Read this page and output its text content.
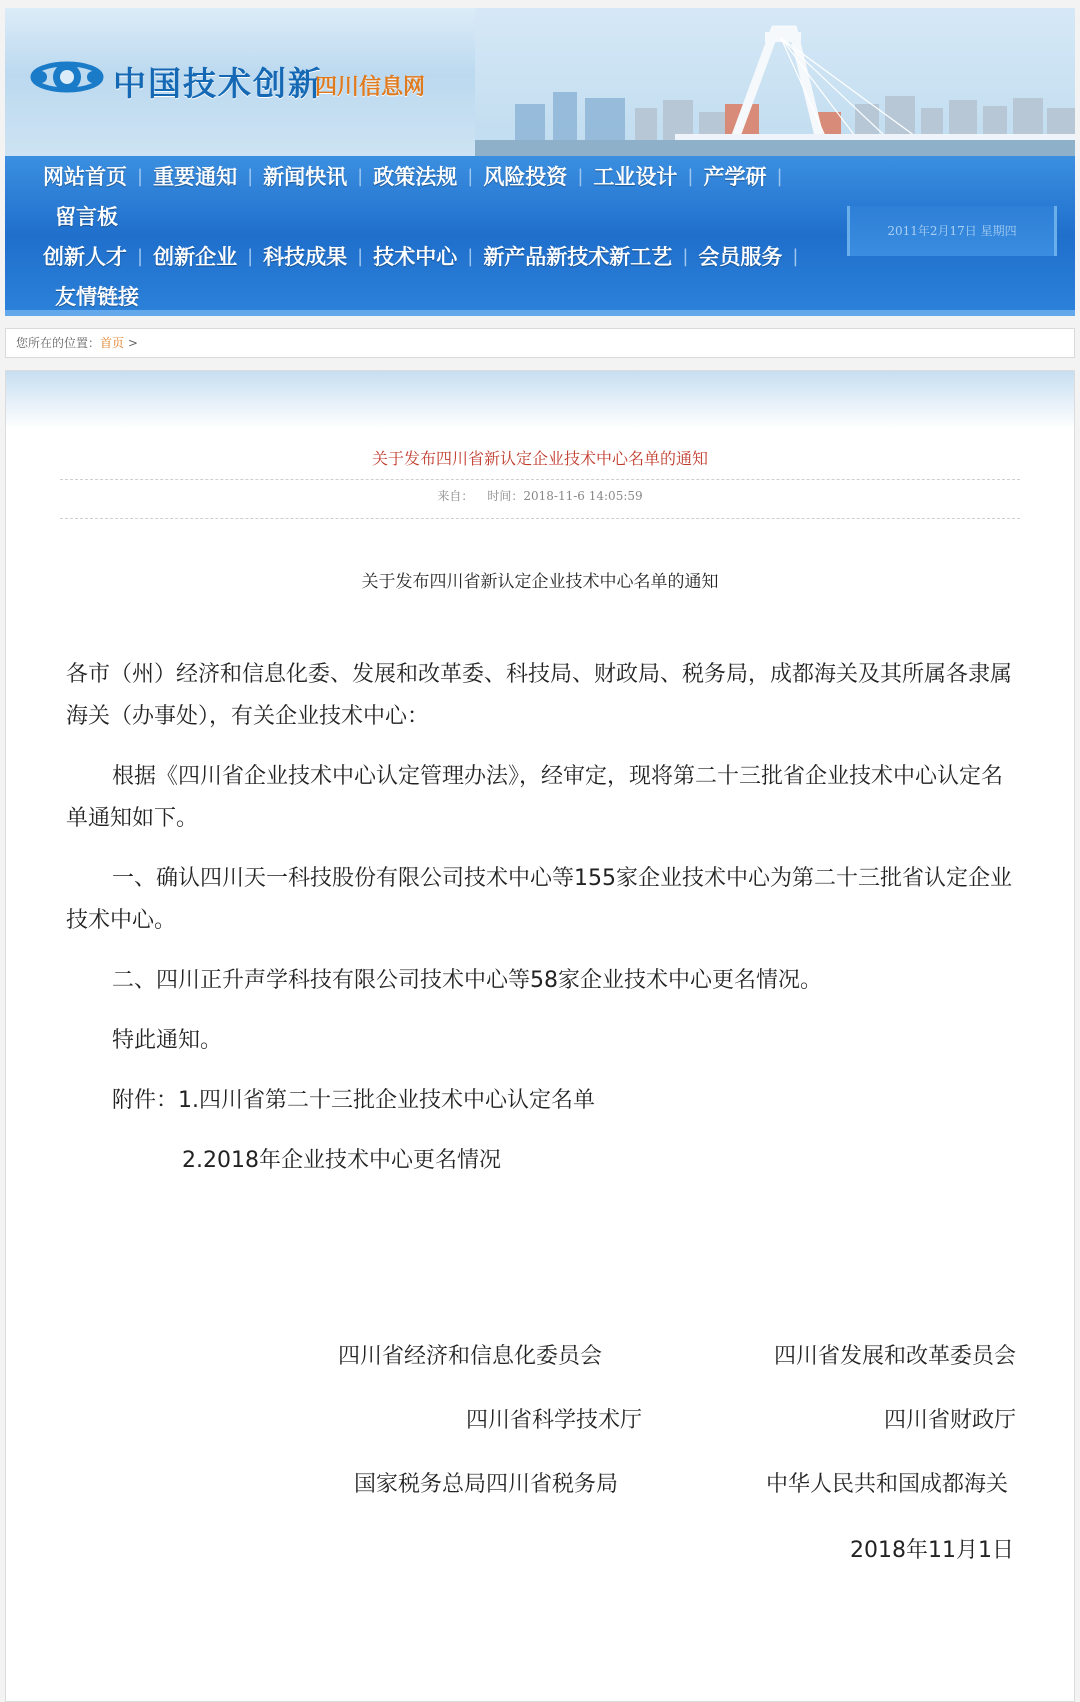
中国技术创新
四川信息网
网站首页 | 重要通知 | 新闻快讯 | 政策法规 | 风险投资 | 工业设计 | 产学研 |
留言板
创新人才 | 创新企业 | 科技成果 | 技术中心 | 新产品新技术新工艺 | 会员服务 |
友情链接
2011年2月17日 星期四
您所在的位置：首页 >
关于发布四川省新认定企业技术中心名单的通知
来自： 时间：2018-11-6 14:05:59
关于发布四川省新认定企业技术中心名单的通知

各市（州）经济和信息化委、发展和改革委、科技局、财政局、税务局，成都海关及其所属各隶属海关（办事处），有关企业技术中心：

根据《四川省企业技术中心认定管理办法》，经审定，现将第二十三批省企业技术中心认定名单通知如下。

一、确认四川天一科技股份有限公司技术中心等155家企业技术中心为第二十三批省认定企业技术中心。

二、四川正升声学科技有限公司技术中心等58家企业技术中心更名情况。

特此通知。

附件：1.四川省第二十三批企业技术中心认定名单

2.2018年企业技术中心更名情况

四川省经济和信息化委员会	四川省发展和改革委员会
四川省科学技术厅	四川省财政厅
国家税务总局四川省税务局	中华人民共和国成都海关
2018年11月1日
